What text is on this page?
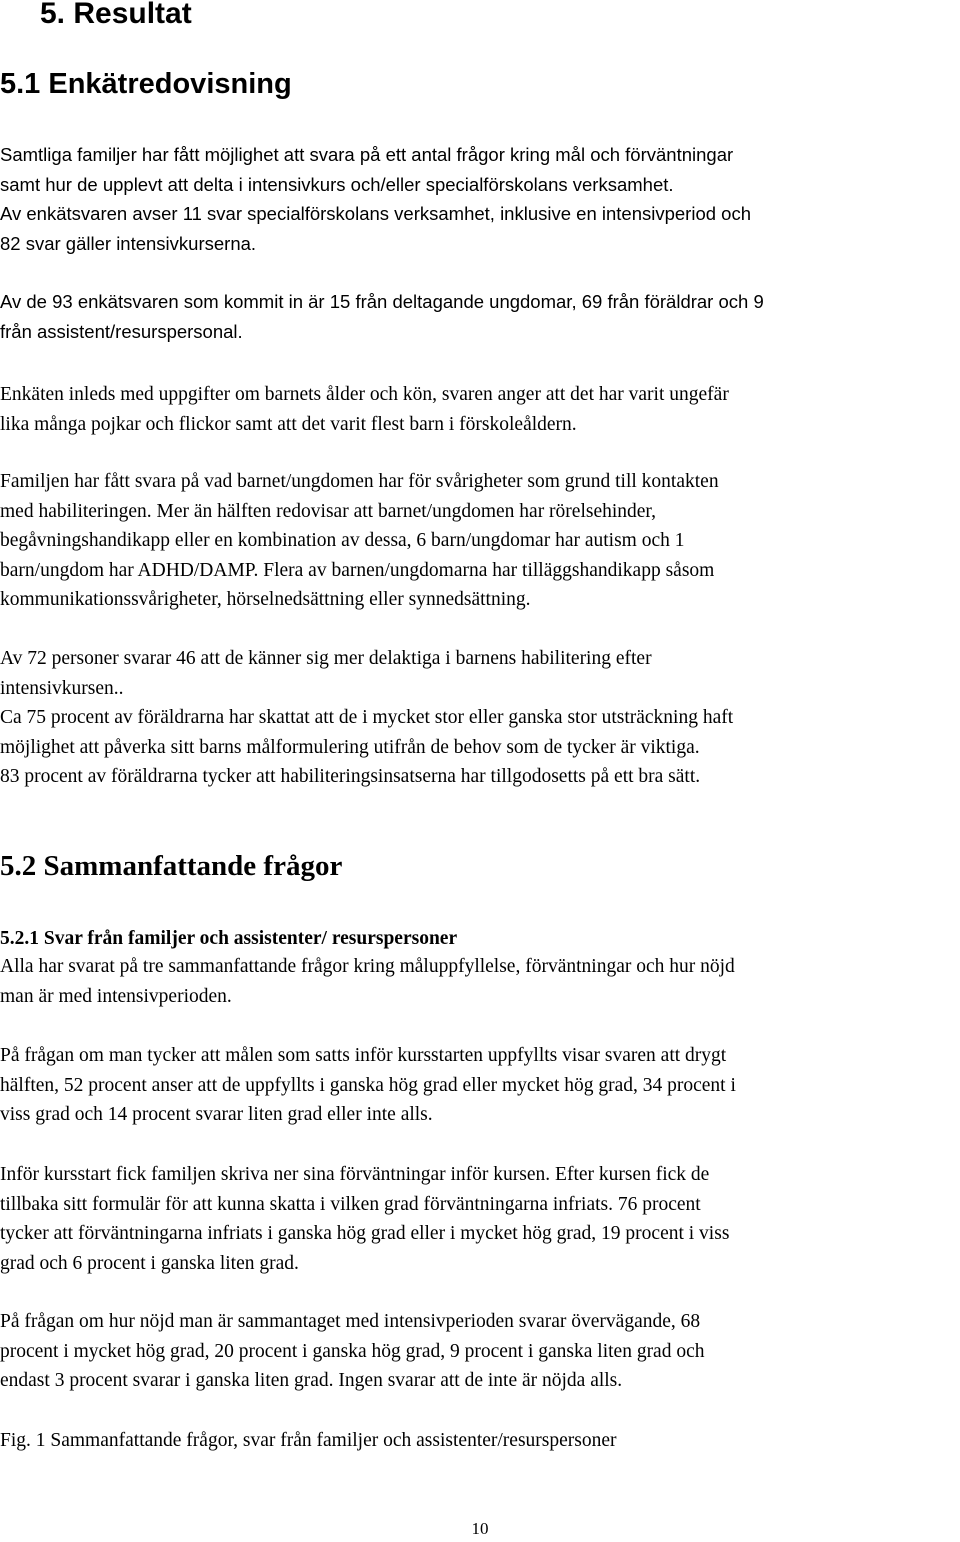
5. Resultat
5.1 Enkätredovisning
Samtliga familjer har fått möjlighet att svara på ett antal frågor kring mål och förväntningar
samt hur de upplevt att delta i intensivkurs och/eller specialförskolans verksamhet.
Av enkätsvaren avser 11 svar specialförskolans verksamhet, inklusive en intensivperiod och
82 svar gäller intensivkurserna.
Av de 93 enkätsvaren som kommit in är 15 från deltagande ungdomar, 69 från föräldrar och 9
från assistent/resurspersonal.
Enkäten inleds med uppgifter om barnets ålder och kön, svaren anger att det har varit ungefär
lika många pojkar och flickor samt att det varit flest barn i förskoleåldern.
Familjen har fått svara på vad barnet/ungdomen har för svårigheter som grund till kontakten
med habiliteringen. Mer än hälften redovisar att barnet/ungdomen har rörelsehinder,
begåvningshandikapp eller en kombination av dessa, 6 barn/ungdomar har autism och 1
barn/ungdom har ADHD/DAMP. Flera av barnen/ungdomarna har tilläggshandikapp såsom
kommunikationssvårigheter, hörselnedsättning eller synnedsättning.
Av 72 personer svarar 46 att de känner sig mer delaktiga i barnens habilitering efter
intensivkursen..
Ca 75 procent av föräldrarna har skattat att de i mycket stor eller ganska stor utsträckning haft
möjlighet att påverka sitt barns målformulering utifrån de behov som de tycker är viktiga.
83 procent av föräldrarna tycker att habiliteringsinsatserna har tillgodosetts på ett bra sätt.
5.2 Sammanfattande frågor
5.2.1 Svar från familjer och assistenter/ resurspersoner
Alla har svarat på tre sammanfattande frågor kring måluppfyllelse, förväntningar och hur nöjd
man är med intensivperioden.
På frågan om man tycker att målen som satts inför kursstarten uppfyllts visar svaren att drygt
hälften, 52 procent anser att de uppfyllts i ganska hög grad eller mycket hög grad, 34 procent i
viss grad och 14 procent svarar liten grad eller inte alls.
Inför kursstart fick familjen skriva ner sina förväntningar inför kursen. Efter kursen fick de
tillbaka sitt formulär för att kunna skatta i vilken grad förväntningarna infriats. 76 procent
tycker att förväntningarna infriats i ganska hög grad eller i mycket hög grad, 19 procent i viss
grad och 6 procent i ganska liten grad.
På frågan om hur nöjd man är sammantaget med intensivperioden svarar övervägande, 68
procent i mycket hög grad, 20 procent i ganska hög grad, 9 procent i ganska liten grad och
endast 3 procent svarar i ganska liten grad. Ingen svarar att de inte är nöjda alls.
Fig. 1 Sammanfattande frågor, svar från familjer och assistenter/resurspersoner
10
